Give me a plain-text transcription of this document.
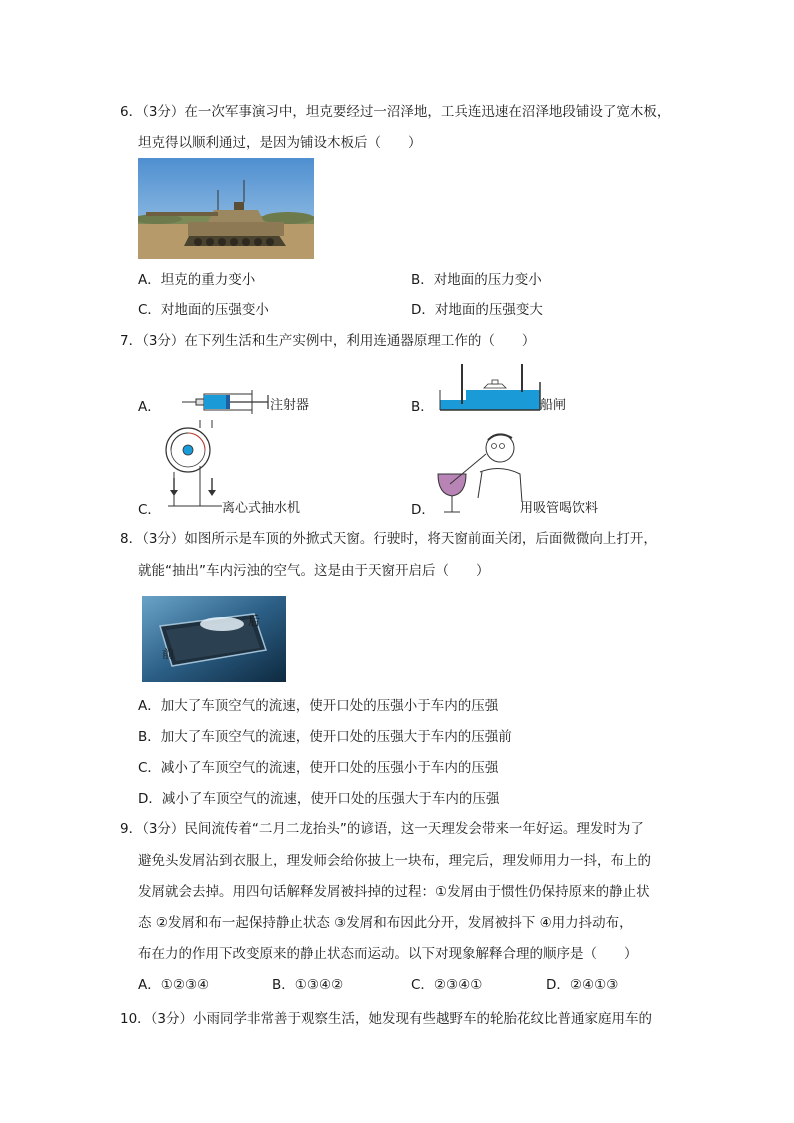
6．（3分）在一次军事演习中，坦克要经过一沼泽地，工兵连迅速在沼泽地段铺设了宽木板，
坦克得以顺利通过，是因为铺设木板后（　　）
A．坦克的重力变小	B．对地面的压力变小
C．对地面的压强变小	D．对地面的压强变大
7．（3分）在下列生活和生产实例中，利用连通器原理工作的（　　）
A．	注射器	B．	船闸
C．	离心式抽水机	D．	用吸管喝饮料
8．（3分）如图所示是车顶的外掀式天窗。行驶时，将天窗前面关闭，后面微微向上打开，
就能“抽出”车内污浊的空气。这是由于天窗开启后（　　）
后
前
A．加大了车顶空气的流速，使开口处的压强小于车内的压强
B．加大了车顶空气的流速，使开口处的压强大于车内的压强前
C．减小了车顶空气的流速，使开口处的压强小于车内的压强
D．减小了车顶空气的流速，使开口处的压强大于车内的压强
9．（3分）民间流传着“二月二龙抬头”的谚语，这一天理发会带来一年好运。理发时为了
避免头发屑沾到衣服上，理发师会给你披上一块布，理完后，理发师用力一抖，布上的
发屑就会去掉。用四句话解释发屑被抖掉的过程：①发屑由于惯性仍保持原来的静止状
态 ②发屑和布一起保持静止状态 ③发屑和布因此分开，发屑被抖下 ④用力抖动布，
布在力的作用下改变原来的静止状态而运动。以下对现象解释合理的顺序是（　　）
A．①②③④	B．①③④②	C．②③④①	D．②④①③
10．（3分）小雨同学非常善于观察生活，她发现有些越野车的轮胎花纹比普通家庭用车的
